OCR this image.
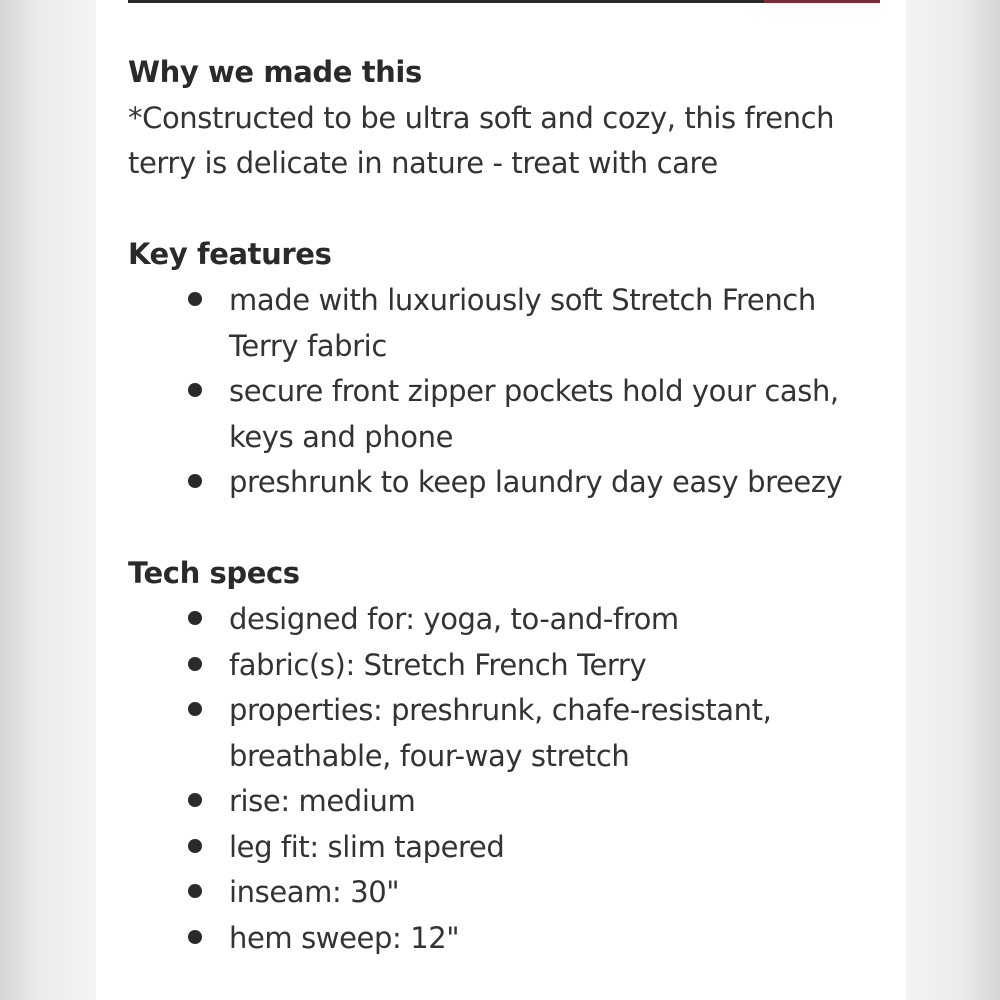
Why we made this

*Constructed to be ultra soft and cozy, this french terry is delicate in nature - treat with care

Key features
made with luxuriously soft Stretch French Terry fabric
secure front zipper pockets hold your cash, keys and phone
preshrunk to keep laundry day easy breezy
Tech specs
designed for: yoga, to-and-from
fabric(s): Stretch French Terry
properties: preshrunk, chafe-resistant, breathable, four-way stretch
rise: medium
leg fit: slim tapered
inseam: 30"
hem sweep: 12"
